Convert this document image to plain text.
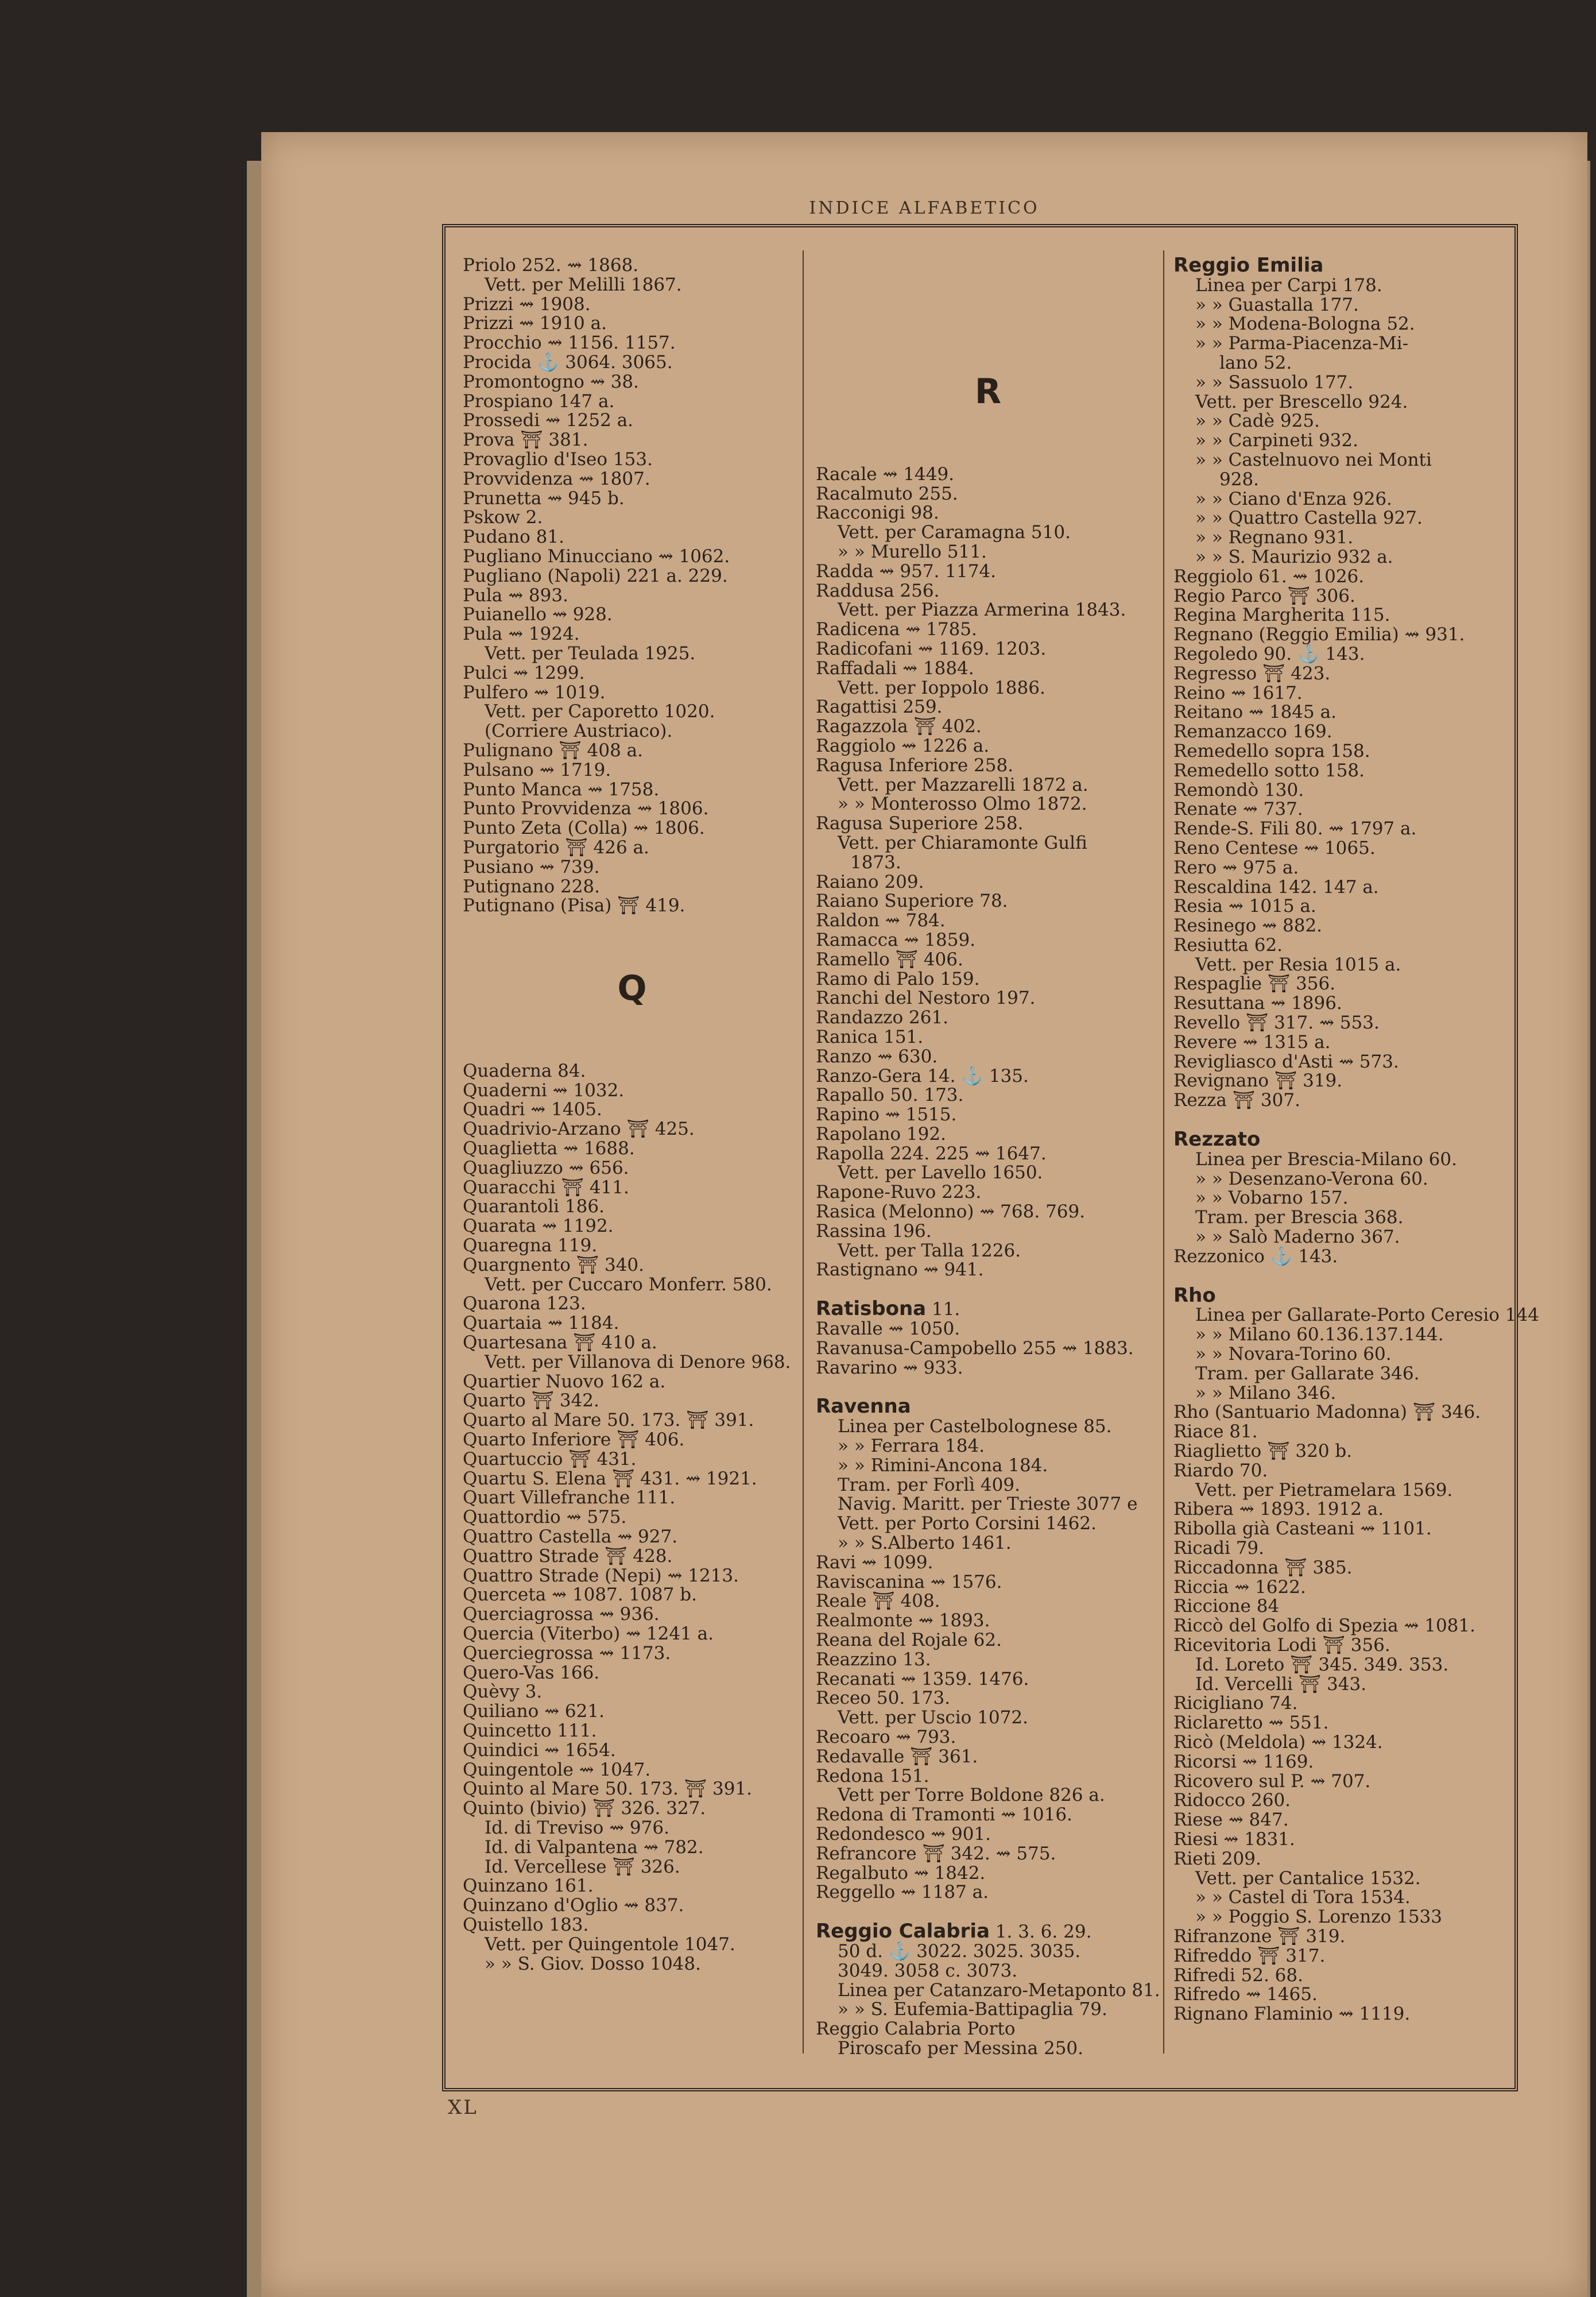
INDICE ALFABETICO
Priolo 252. ⇝ 1868.
Vett. per Melilli 1867.
Prizzi ⇝ 1908.
Prizzi ⇝ 1910 a.
Procchio ⇝ 1156. 1157.
Procida ⚓ 3064. 3065.
Promontogno ⇝ 38.
Prospiano 147 a.
Prossedi ⇝ 1252 a.
Prova ⛩ 381.
Provaglio d'Iseo 153.
Provvidenza ⇝ 1807.
Prunetta ⇝ 945 b.
Pskow 2.
Pudano 81.
Pugliano Minucciano ⇝ 1062.
Pugliano (Napoli) 221 a. 229.
Pula ⇝ 893.
Puianello ⇝ 928.
Pula ⇝ 1924.
Vett. per Teulada 1925.
Pulci ⇝ 1299.
Pulfero ⇝ 1019.
Vett. per Caporetto 1020.
(Corriere Austriaco).
Pulignano ⛩ 408 a.
Pulsano ⇝ 1719.
Punto Manca ⇝ 1758.
Punto Provvidenza ⇝ 1806.
Punto Zeta (Colla) ⇝ 1806.
Purgatorio ⛩ 426 a.
Pusiano ⇝ 739.
Putignano 228.
Putignano (Pisa) ⛩ 419.
Q
Quaderna 84.
Quaderni ⇝ 1032.
Quadri ⇝ 1405.
Quadrivio-Arzano ⛩ 425.
Quaglietta ⇝ 1688.
Quagliuzzo ⇝ 656.
Quaracchi ⛩ 411.
Quarantoli 186.
Quarata ⇝ 1192.
Quaregna 119.
Quargnento ⛩ 340.
Vett. per Cuccaro Monferr. 580.
Quarona 123.
Quartaia ⇝ 1184.
Quartesana ⛩ 410 a.
Vett. per Villanova di Denore 968.
Quartier Nuovo 162 a.
Quarto ⛩ 342.
Quarto al Mare 50. 173. ⛩ 391.
Quarto Inferiore ⛩ 406.
Quartuccio ⛩ 431.
Quartu S. Elena ⛩ 431. ⇝ 1921.
Quart Villefranche 111.
Quattordio ⇝ 575.
Quattro Castella ⇝ 927.
Quattro Strade ⛩ 428.
Quattro Strade (Nepi) ⇝ 1213.
Querceta ⇝ 1087. 1087 b.
Querciagrossa ⇝ 936.
Quercia (Viterbo) ⇝ 1241 a.
Querciegrossa ⇝ 1173.
Quero-Vas 166.
Quèvy 3.
Quiliano ⇝ 621.
Quincetto 111.
Quindici ⇝ 1654.
Quingentole ⇝ 1047.
Quinto al Mare 50. 173. ⛩ 391.
Quinto (bivio) ⛩ 326. 327.
Id. di Treviso ⇝ 976.
Id. di Valpantena ⇝ 782.
Id. Vercellese ⛩ 326.
Quinzano 161.
Quinzano d'Oglio ⇝ 837.
Quistello 183.
Vett. per Quingentole 1047.
» » S. Giov. Dosso 1048.
R
Racale ⇝ 1449.
Racalmuto 255.
Racconigi 98.
Vett. per Caramagna 510.
» » Murello 511.
Radda ⇝ 957. 1174.
Raddusa 256.
Vett. per Piazza Armerina 1843.
Radicena ⇝ 1785.
Radicofani ⇝ 1169. 1203.
Raffadali ⇝ 1884.
Vett. per Ioppolo 1886.
Ragattisi 259.
Ragazzola ⛩ 402.
Raggiolo ⇝ 1226 a.
Ragusa Inferiore 258.
Vett. per Mazzarelli 1872 a.
» » Monterosso Olmo 1872.
Ragusa Superiore 258.
Vett. per Chiaramonte Gulfi
1873.
Raiano 209.
Raiano Superiore 78.
Raldon ⇝ 784.
Ramacca ⇝ 1859.
Ramello ⛩ 406.
Ramo di Palo 159.
Ranchi del Nestoro 197.
Randazzo 261.
Ranica 151.
Ranzo ⇝ 630.
Ranzo-Gera 14. ⚓ 135.
Rapallo 50. 173.
Rapino ⇝ 1515.
Rapolano 192.
Rapolla 224. 225 ⇝ 1647.
Vett. per Lavello 1650.
Rapone-Ruvo 223.
Rasica (Melonno) ⇝ 768. 769.
Rassina 196.
Vett. per Talla 1226.
Rastignano ⇝ 941.
Ratisbona 11.
Ravalle ⇝ 1050.
Ravanusa-Campobello 255 ⇝ 1883.
Ravarino ⇝ 933.
Ravenna
Linea per Castelbolognese 85.
» » Ferrara 184.
» » Rimini-Ancona 184.
Tram. per Forlì 409.
Navig. Maritt. per Trieste 3077 e
Vett. per Porto Corsini 1462.
» » S.Alberto 1461.
Ravi ⇝ 1099.
Raviscanina ⇝ 1576.
Reale ⛩ 408.
Realmonte ⇝ 1893.
Reana del Rojale 62.
Reazzino 13.
Recanati ⇝ 1359. 1476.
Receo 50. 173.
Vett. per Uscio 1072.
Recoaro ⇝ 793.
Redavalle ⛩ 361.
Redona 151.
Vett per Torre Boldone 826 a.
Redona di Tramonti ⇝ 1016.
Redondesco ⇝ 901.
Refrancore ⛩ 342. ⇝ 575.
Regalbuto ⇝ 1842.
Reggello ⇝ 1187 a.
Reggio Calabria 1. 3. 6. 29.
50 d. ⚓ 3022. 3025. 3035.
3049. 3058 c. 3073.
Linea per Catanzaro-Metaponto 81.
» » S. Eufemia-Battipaglia 79.
Reggio Calabria Porto
Piroscafo per Messina 250.
Reggio Emilia
Linea per Carpi 178.
» » Guastalla 177.
» » Modena-Bologna 52.
» » Parma-Piacenza-Mi-
lano 52.
» » Sassuolo 177.
Vett. per Brescello 924.
» » Cadè 925.
» » Carpineti 932.
» » Castelnuovo nei Monti
928.
» » Ciano d'Enza 926.
» » Quattro Castella 927.
» » Regnano 931.
» » S. Maurizio 932 a.
Reggiolo 61. ⇝ 1026.
Regio Parco ⛩ 306.
Regina Margherita 115.
Regnano (Reggio Emilia) ⇝ 931.
Regoledo 90. ⚓ 143.
Regresso ⛩ 423.
Reino ⇝ 1617.
Reitano ⇝ 1845 a.
Remanzacco 169.
Remedello sopra 158.
Remedello sotto 158.
Remondò 130.
Renate ⇝ 737.
Rende-S. Fili 80. ⇝ 1797 a.
Reno Centese ⇝ 1065.
Rero ⇝ 975 a.
Rescaldina 142. 147 a.
Resia ⇝ 1015 a.
Resinego ⇝ 882.
Resiutta 62.
Vett. per Resia 1015 a.
Respaglie ⛩ 356.
Resuttana ⇝ 1896.
Revello ⛩ 317. ⇝ 553.
Revere ⇝ 1315 a.
Revigliasco d'Asti ⇝ 573.
Revignano ⛩ 319.
Rezza ⛩ 307.
Rezzato
Linea per Brescia-Milano 60.
» » Desenzano-Verona 60.
» » Vobarno 157.
Tram. per Brescia 368.
» » Salò Maderno 367.
Rezzonico ⚓ 143.
Rho
Linea per Gallarate-Porto Ceresio 144
» » Milano 60.136.137.144.
» » Novara-Torino 60.
Tram. per Gallarate 346.
» » Milano 346.
Rho (Santuario Madonna) ⛩ 346.
Riace 81.
Riaglietto ⛩ 320 b.
Riardo 70.
Vett. per Pietramelara 1569.
Ribera ⇝ 1893. 1912 a.
Ribolla già Casteani ⇝ 1101.
Ricadi 79.
Riccadonna ⛩ 385.
Riccia ⇝ 1622.
Riccione 84
Riccò del Golfo di Spezia ⇝ 1081.
Ricevitoria Lodi ⛩ 356.
Id. Loreto ⛩ 345. 349. 353.
Id. Vercelli ⛩ 343.
Ricigliano 74.
Riclaretto ⇝ 551.
Ricò (Meldola) ⇝ 1324.
Ricorsi ⇝ 1169.
Ricovero sul P. ⇝ 707.
Ridocco 260.
Riese ⇝ 847.
Riesi ⇝ 1831.
Rieti 209.
Vett. per Cantalice 1532.
» » Castel di Tora 1534.
» » Poggio S. Lorenzo 1533
Rifranzone ⛩ 319.
Rifreddo ⛩ 317.
Rifredi 52. 68.
Rifredo ⇝ 1465.
Rignano Flaminio ⇝ 1119.
XL
